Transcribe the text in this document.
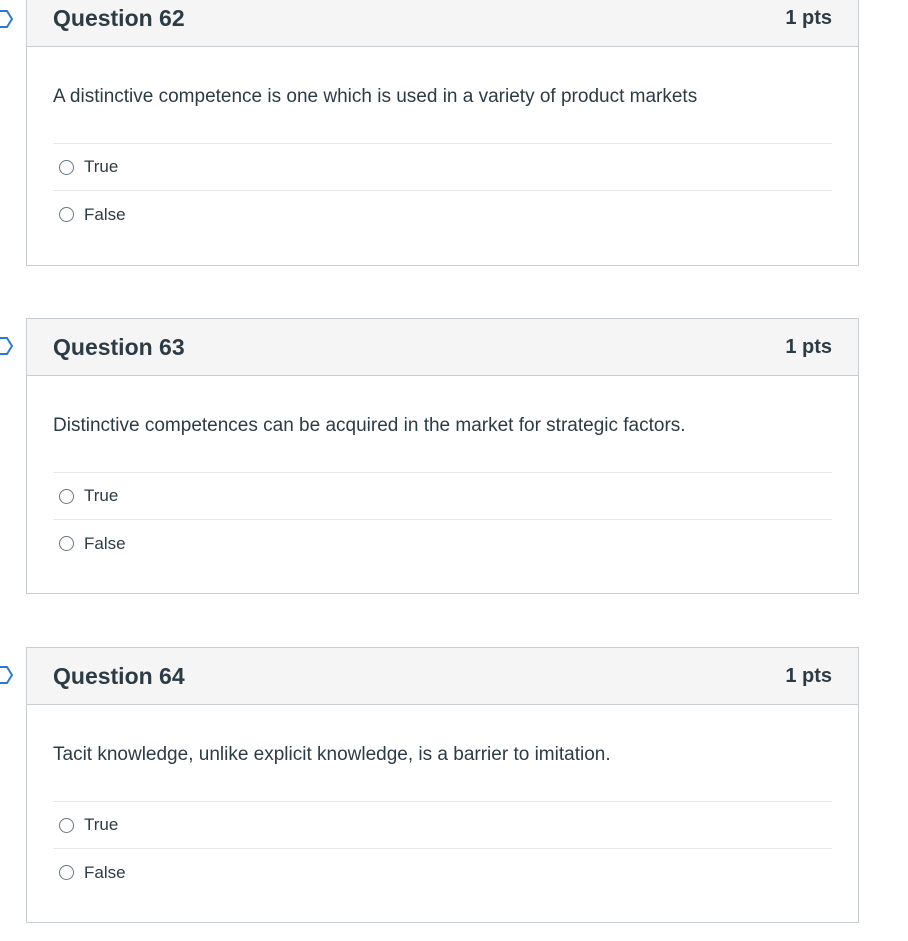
Question 62	1 pts

A distinctive competence is one which is used in a variety of product markets

True
False
Question 63	1 pts

Distinctive competences can be acquired in the market for strategic factors.

True
False
Question 64	1 pts

Tacit knowledge, unlike explicit knowledge, is a barrier to imitation.

True
False
